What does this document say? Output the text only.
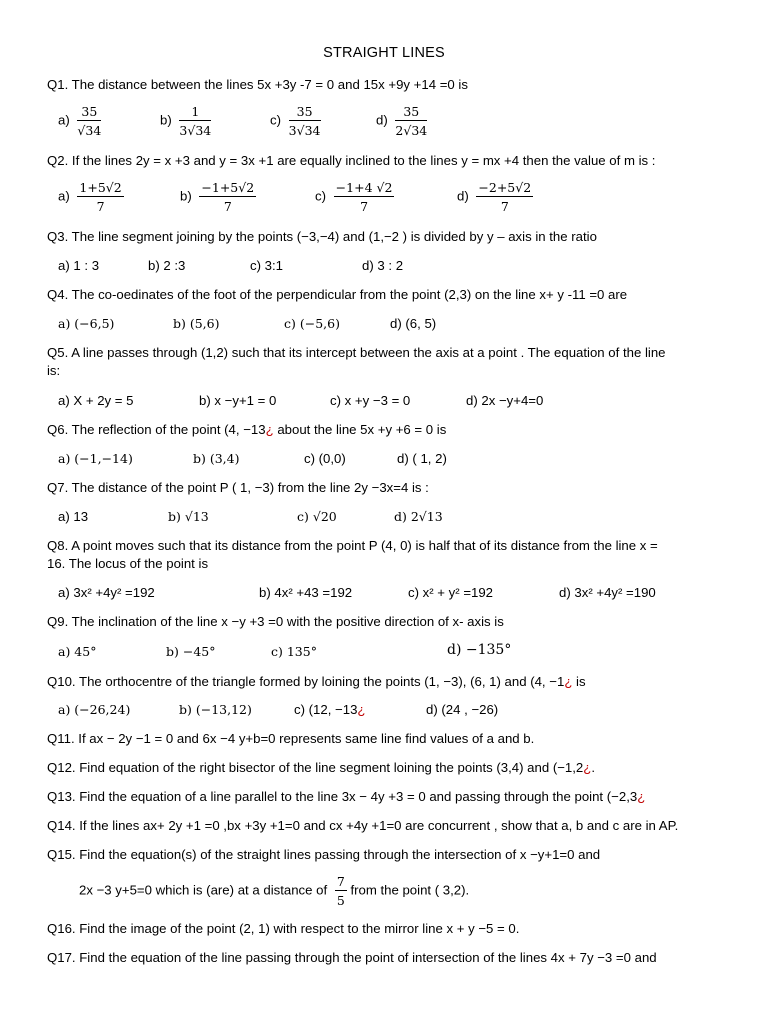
STRAIGHT LINES
Q1. The distance between the lines 5x +3y -7 = 0 and 15x +9y +14 =0 is
$a) \frac{35}{√34}$	$b) \frac{1}{3√34}$	$c) \frac{35}{3√34}$	$d) \frac{35}{2√34}$
Q2. If the lines 2y = x +3 and y = 3x +1 are equally inclined to the lines y = mx +4 then the value of m is :
$a) \frac{1+5√2}{7}$	$b) \frac{-1+5√2}{7}$	$c) \frac{-1+4 √2}{7}$	$d) \frac{-2+5√2}{7}$
Q3. The line segment joining by the points (−3,−4) and (1,−2 ) is divided by y – axis in the ratio
a) 1 : 3	b) 2 :3	c) 3:1	d) 3 : 2
Q4. The co-oedinates of the foot of the perpendicular from the point (2,3) on the line x+ y -11 =0 are
a) (−6,5)	b) (5,6)	c) (−5,6)	d) (6, 5)
Q5. A line passes through (1,2) such that its intercept between the axis at a point . The equation of the line
is:
a) X + 2y = 5	b) x −y+1 = 0	c) x +y −3 = 0	d) 2x −y+4=0
Q6. The reflection of the point (4, −13¿ about the line 5x +y +6 = 0 is
a) (−1,−14)	b) (3,4)	c) (0,0)	d) ( 1, 2)
Q7. The distance of the point P ( 1, −3) from the line 2y −3x=4 is :
a) 13	b) √13	c) √20	d) 2√13
Q8. A point moves such that its distance from the point P (4, 0) is half that of its distance from the line x =
16. The locus of the point is
a) 3x² +4y² =192	b) 4x² +43 =192	c) x² + y² =192	d) 3x² +4y² =190
Q9. The inclination of the line x −y +3 =0 with the positive direction of x- axis is
a) 45°	b) −45°	c) 135°	d) −135°
Q10. The orthocentre of the triangle formed by loining the points (1, −3), (6, 1) and (4, −1¿ is
a) (−26,24)	b) (−13,12)	c) (12, −13¿	d) (24 , −26)
Q11. If ax − 2y −1 = 0 and 6x −4 y+b=0 represents same line find values of a and b.
Q12. Find equation of the right bisector of the line segment loining the points (3,4) and (−1,2¿.
Q13. Find the equation of a line parallel to the line 3x − 4y +3 = 0 and passing through the point (−2,3¿
Q14. If the lines ax+ 2y +1 =0 ,bx +3y +1=0 and cx +4y +1=0 are concurrent , show that a, b and c are in AP.
Q15. Find the equation(s) of the straight lines passing through the intersection of x −y+1=0 and
2x −3 y+5=0 which is (are) at a distance of $\frac{7}{5}$ from the point ( 3,2).
Q16. Find the image of the point (2, 1) with respect to the mirror line x + y −5 = 0.
Q17. Find the equation of the line passing through the point of intersection of the lines 4x + 7y −3 =0 and
